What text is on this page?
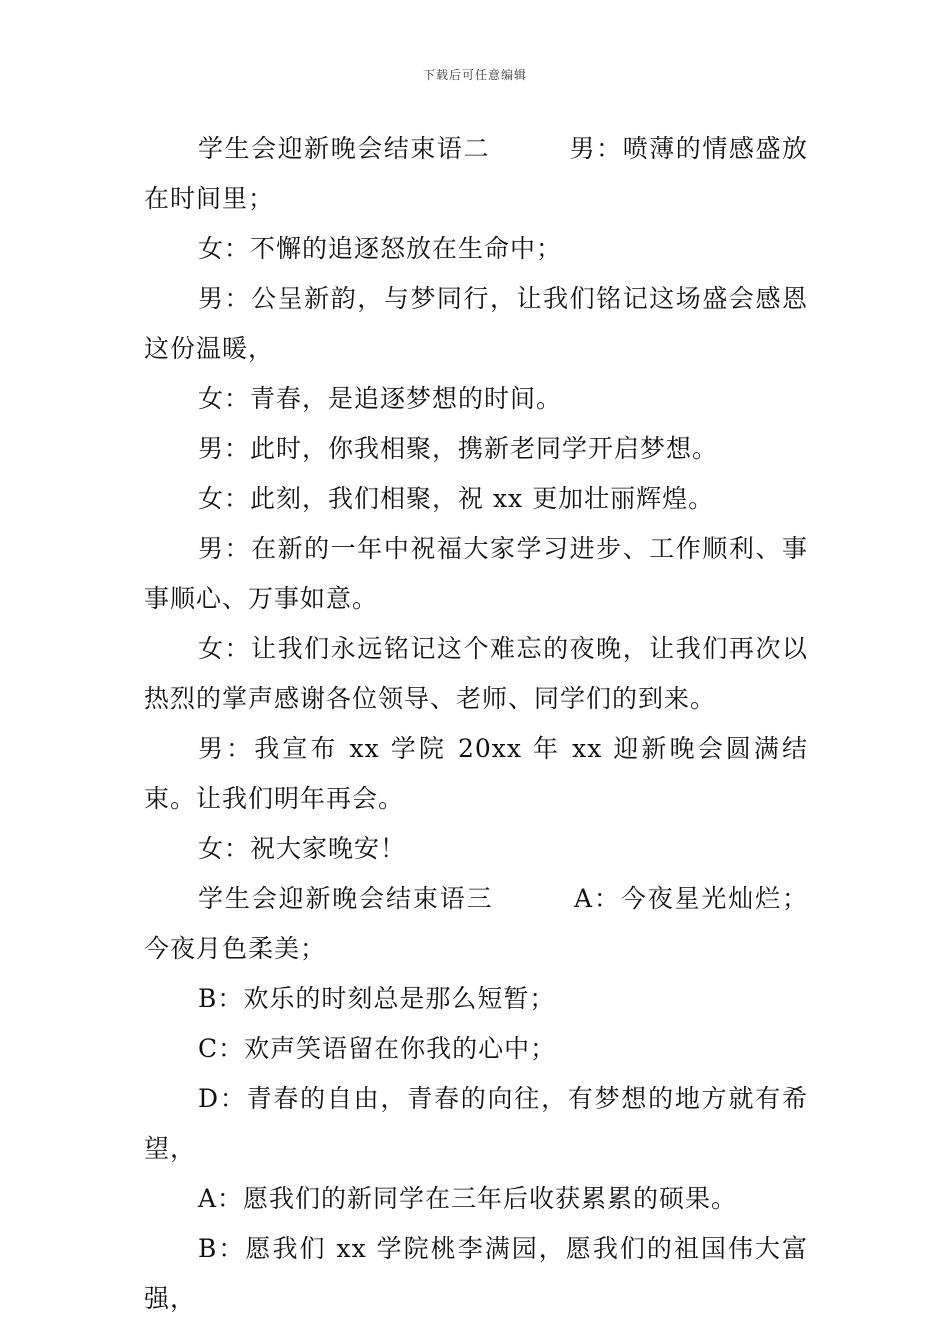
下载后可任意编辑

学生会迎新晚会结束语二　　　男：喷薄的情感盛放在时间里；

女：不懈的追逐怒放在生命中；

男：公呈新韵，与梦同行，让我们铭记这场盛会感恩这份温暖，

女：青春，是追逐梦想的时间。

男：此时，你我相聚，携新老同学开启梦想。

女：此刻，我们相聚，祝 xx 更加壮丽辉煌。

男：在新的一年中祝福大家学习进步、工作顺利、事事顺心、万事如意。

女：让我们永远铭记这个难忘的夜晚，让我们再次以热烈的掌声感谢各位领导、老师、同学们的到来。

男：我宣布 xx 学院 20xx 年 xx 迎新晚会圆满结束。让我们明年再会。

女：祝大家晚安！

学生会迎新晚会结束语三　　　A：今夜星光灿烂；今夜月色柔美；

B：欢乐的时刻总是那么短暂；

C：欢声笑语留在你我的心中；

D：青春的自由，青春的向往，有梦想的地方就有希望，

A：愿我们的新同学在三年后收获累累的硕果。

B：愿我们 xx 学院桃李满园，愿我们的祖国伟大富强，
